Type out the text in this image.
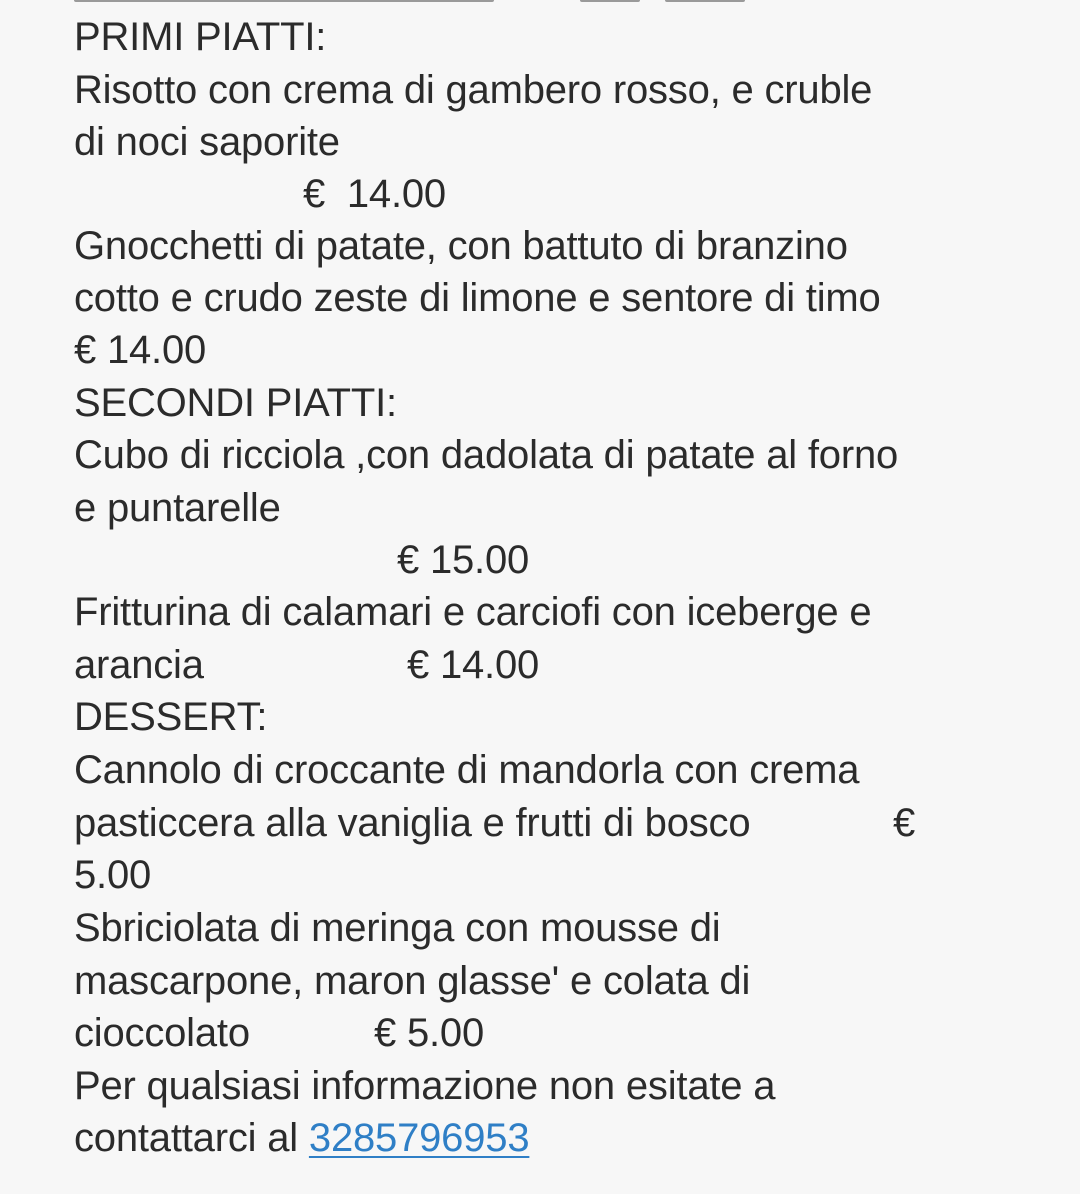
PRIMI PIATTI:
Risotto con crema di gambero rosso, e cruble
di noci saporite
€  14.00
Gnocchetti di patate, con battuto di branzino
cotto e crudo zeste di limone e sentore di timo
€ 14.00
SECONDI PIATTI:
Cubo di ricciola ,con dadolata di patate al forno
e puntarelle
€ 15.00
Fritturina di calamari e carciofi con iceberge e
arancia	€ 14.00
DESSERT:
Cannolo di croccante di mandorla con crema
pasticcera alla vaniglia e frutti di bosco	€
5.00
Sbriciolata di meringa con mousse di
mascarpone, maron glasse' e colata di
cioccolato	€ 5.00
Per qualsiasi informazione non esitate a
contattarci al 3285796953
